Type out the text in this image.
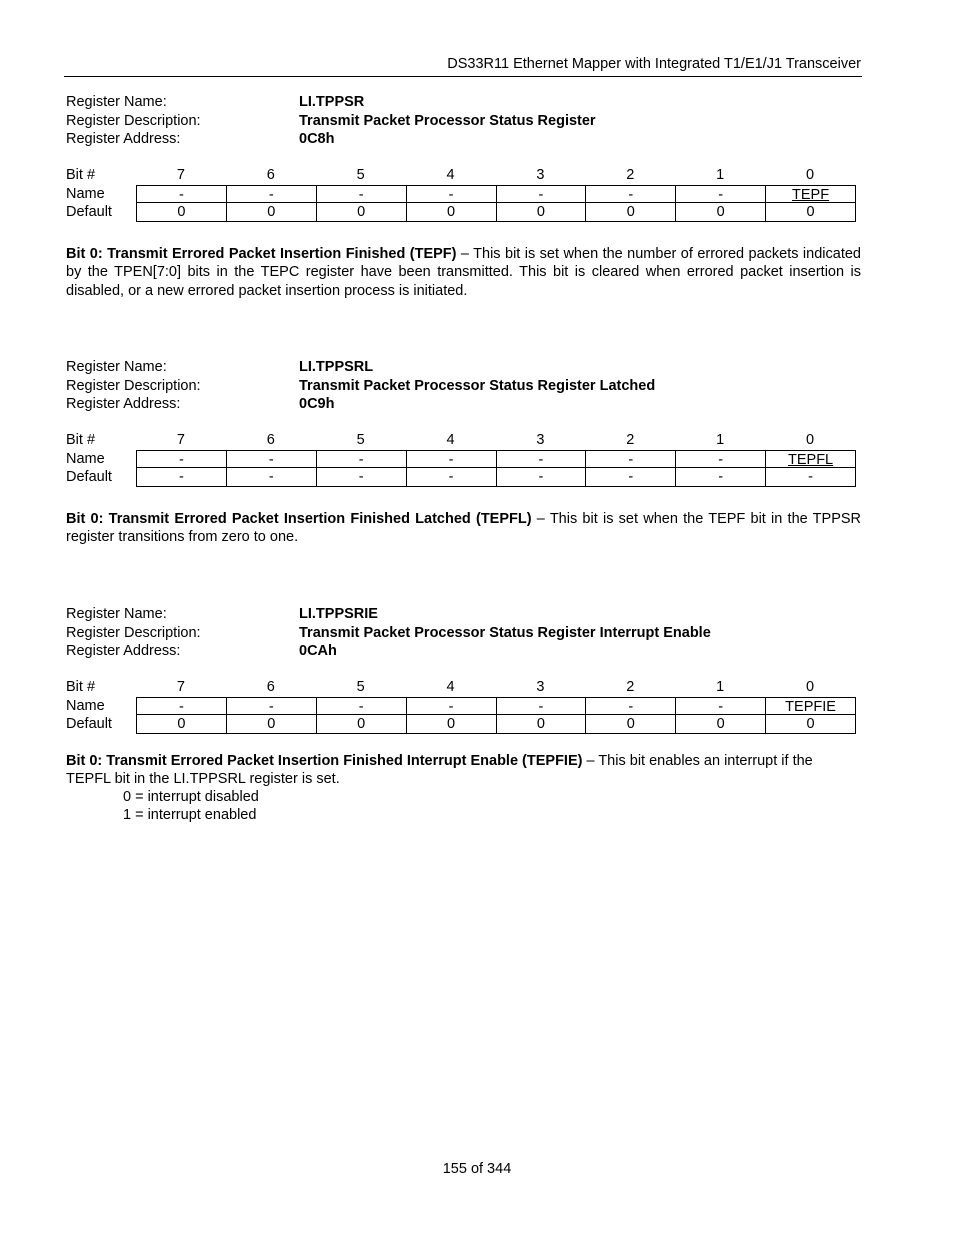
DS33R11 Ethernet Mapper with Integrated T1/E1/J1 Transceiver
Register Name:	LI.TPPSR
Register Description:	Transmit Packet Processor Status Register
Register Address:	0C8h
Bit #	7	6	5	4	3	2	1	0
Name	-	-	-	-	-	-	-	TEPF
Default	0	0	0	0	0	0	0	0
Bit 0: Transmit Errored Packet Insertion Finished (TEPF) – This bit is set when the number of errored packets indicated by the TPEN[7:0] bits in the TEPC register have been transmitted. This bit is cleared when errored packet insertion is disabled, or a new errored packet insertion process is initiated.
Register Name:	LI.TPPSRL
Register Description:	Transmit Packet Processor Status Register Latched
Register Address:	0C9h
Bit #	7	6	5	4	3	2	1	0
Name	-	-	-	-	-	-	-	TEPFL
Default	-	-	-	-	-	-	-	-
Bit 0: Transmit Errored Packet Insertion Finished Latched (TEPFL) – This bit is set when the TEPF bit in the TPPSR register transitions from zero to one.
Register Name:	LI.TPPSRIE
Register Description:	Transmit Packet Processor Status Register Interrupt Enable
Register Address:	0CAh
Bit #	7	6	5	4	3	2	1	0
Name	-	-	-	-	-	-	-	TEPFIE
Default	0	0	0	0	0	0	0	0
Bit 0: Transmit Errored Packet Insertion Finished Interrupt Enable (TEPFIE) – This bit enables an interrupt if the TEPFL bit in the LI.TPPSRL register is set.
0 = interrupt disabled
1 = interrupt enabled
155 of 344
